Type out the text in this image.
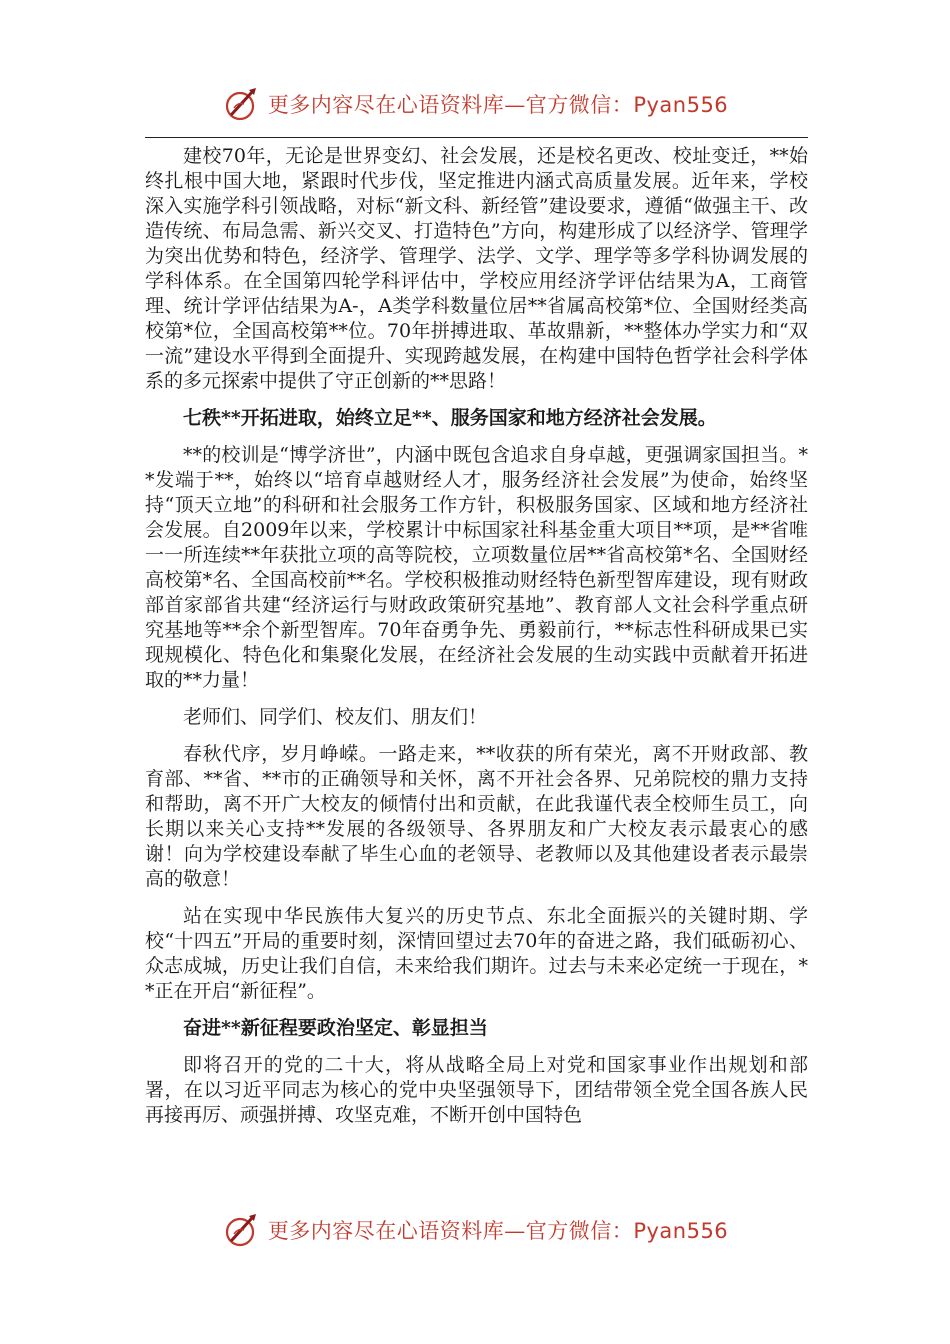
更多内容尽在心语资料库—官方微信：Pyan556

建校70年，无论是世界变幻、社会发展，还是校名更改、校址变迁，**始终扎根中国大地，紧跟时代步伐，坚定推进内涵式高质量发展。近年来，学校深入实施学科引领战略，对标“新文科、新经管”建设要求，遵循“做强主干、改造传统、布局急需、新兴交叉、打造特色”方向，构建形成了以经济学、管理学为突出优势和特色，经济学、管理学、法学、文学、理学等多学科协调发展的学科体系。在全国第四轮学科评估中，学校应用经济学评估结果为A，工商管理、统计学评估结果为A-，A类学科数量位居**省属高校第*位、全国财经类高校第*位，全国高校第**位。70年拼搏进取、革故鼎新，**整体办学实力和“双一流”建设水平得到全面提升、实现跨越发展，在构建中国特色哲学社会科学体系的多元探索中提供了守正创新的**思路！

七秩**开拓进取，始终立足**、服务国家和地方经济社会发展。

**的校训是“博学济世”，内涵中既包含追求自身卓越，更强调家国担当。**发端于**，始终以“培育卓越财经人才，服务经济社会发展”为使命，始终坚持“顶天立地”的科研和社会服务工作方针，积极服务国家、区域和地方经济社会发展。自2009年以来，学校累计中标国家社科基金重大项目**项，是**省唯一一所连续**年获批立项的高等院校，立项数量位居**省高校第*名、全国财经高校第*名、全国高校前**名。学校积极推动财经特色新型智库建设，现有财政部首家部省共建“经济运行与财政政策研究基地”、教育部人文社会科学重点研究基地等**余个新型智库。70年奋勇争先、勇毅前行，**标志性科研成果已实现规模化、特色化和集聚化发展，在经济社会发展的生动实践中贡献着开拓进取的**力量！

老师们、同学们、校友们、朋友们！

春秋代序，岁月峥嵘。一路走来，**收获的所有荣光，离不开财政部、教育部、**省、**市的正确领导和关怀，离不开社会各界、兄弟院校的鼎力支持和帮助，离不开广大校友的倾情付出和贡献，在此我谨代表全校师生员工，向长期以来关心支持**发展的各级领导、各界朋友和广大校友表示最衷心的感谢！向为学校建设奉献了毕生心血的老领导、老教师以及其他建设者表示最崇高的敬意！

站在实现中华民族伟大复兴的历史节点、东北全面振兴的关键时期、学校“十四五”开局的重要时刻，深情回望过去70年的奋进之路，我们砥砺初心、众志成城，历史让我们自信，未来给我们期许。过去与未来必定统一于现在，**正在开启“新征程”。

奋进**新征程要政治坚定、彰显担当

即将召开的党的二十大，将从战略全局上对党和国家事业作出规划和部署，在以习近平同志为核心的党中央坚强领导下，团结带领全党全国各族人民再接再厉、顽强拼搏、攻坚克难，不断开创中国特色

更多内容尽在心语资料库—官方微信：Pyan556
